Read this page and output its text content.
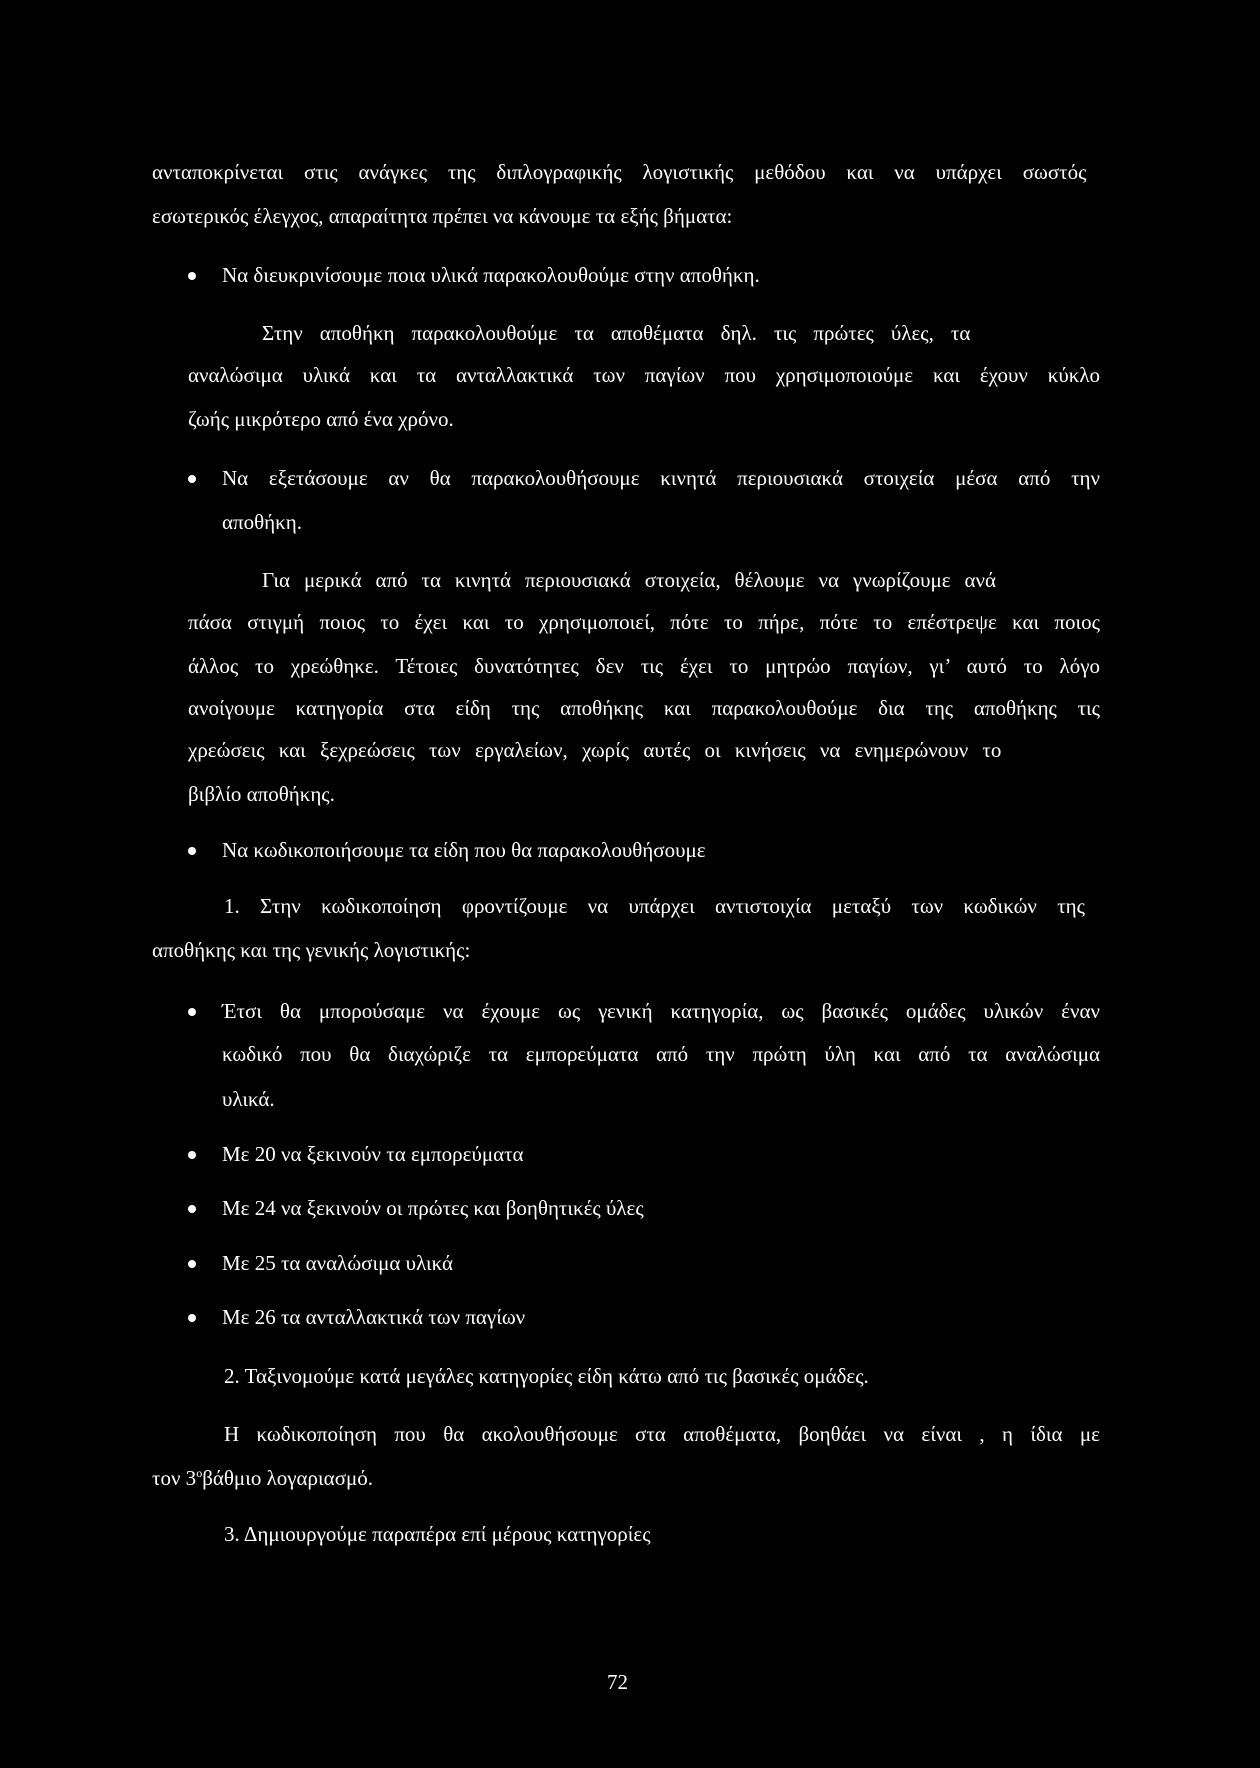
ανταποκρίνεται στις ανάγκες της διπλογραφικής λογιστικής μεθόδου και να υπάρχει σωστός
εσωτερικός έλεγχος, απαραίτητα πρέπει να κάνουμε τα εξής βήματα:
Να διευκρινίσουμε ποια υλικά παρακολουθούμε στην αποθήκη.
Στην αποθήκη παρακολουθούμε τα αποθέματα δηλ. τις πρώτες ύλες, τα
αναλώσιμα υλικά και τα ανταλλακτικά των παγίων που χρησιμοποιούμε και έχουν κύκλο
ζωής μικρότερο από ένα χρόνο.
Να εξετάσουμε αν θα παρακολουθήσουμε κινητά περιουσιακά στοιχεία μέσα από την
αποθήκη.
Για μερικά από τα κινητά περιουσιακά στοιχεία, θέλουμε να γνωρίζουμε ανά
πάσα στιγμή ποιος το έχει και το χρησιμοποιεί, πότε το πήρε, πότε το επέστρεψε και ποιος
άλλος το χρεώθηκε. Τέτοιες δυνατότητες δεν τις έχει το μητρώο παγίων, γι’ αυτό το λόγο
ανοίγουμε κατηγορία στα είδη της αποθήκης και παρακολουθούμε δια της αποθήκης τις
χρεώσεις και ξεχρεώσεις των εργαλείων, χωρίς αυτές οι κινήσεις να ενημερώνουν το
βιβλίο αποθήκης.
Να κωδικοποιήσουμε τα είδη που θα παρακολουθήσουμε
1. Στην κωδικοποίηση φροντίζουμε να υπάρχει αντιστοιχία μεταξύ των κωδικών της
αποθήκης και της γενικής λογιστικής:
Έτσι θα μπορούσαμε να έχουμε ως γενική κατηγορία, ως βασικές ομάδες υλικών έναν
κωδικό που θα διαχώριζε τα εμπορεύματα από την πρώτη ύλη και από τα αναλώσιμα
υλικά.
Με 20 να ξεκινούν τα εμπορεύματα
Με 24 να ξεκινούν οι πρώτες και βοηθητικές ύλες
Με 25 τα αναλώσιμα υλικά
Με 26 τα ανταλλακτικά των παγίων
2. Ταξινομούμε κατά μεγάλες κατηγορίες είδη κάτω από τις βασικές ομάδες.
Η κωδικοποίηση που θα ακολουθήσουμε στα αποθέματα, βοηθάει να είναι , η ίδια με
τον $3^o\beta ά\theta\mu\iota o$ λογαριασμό.
3. Δημιουργούμε παραπέρα επί μέρους κατηγορίες
72
